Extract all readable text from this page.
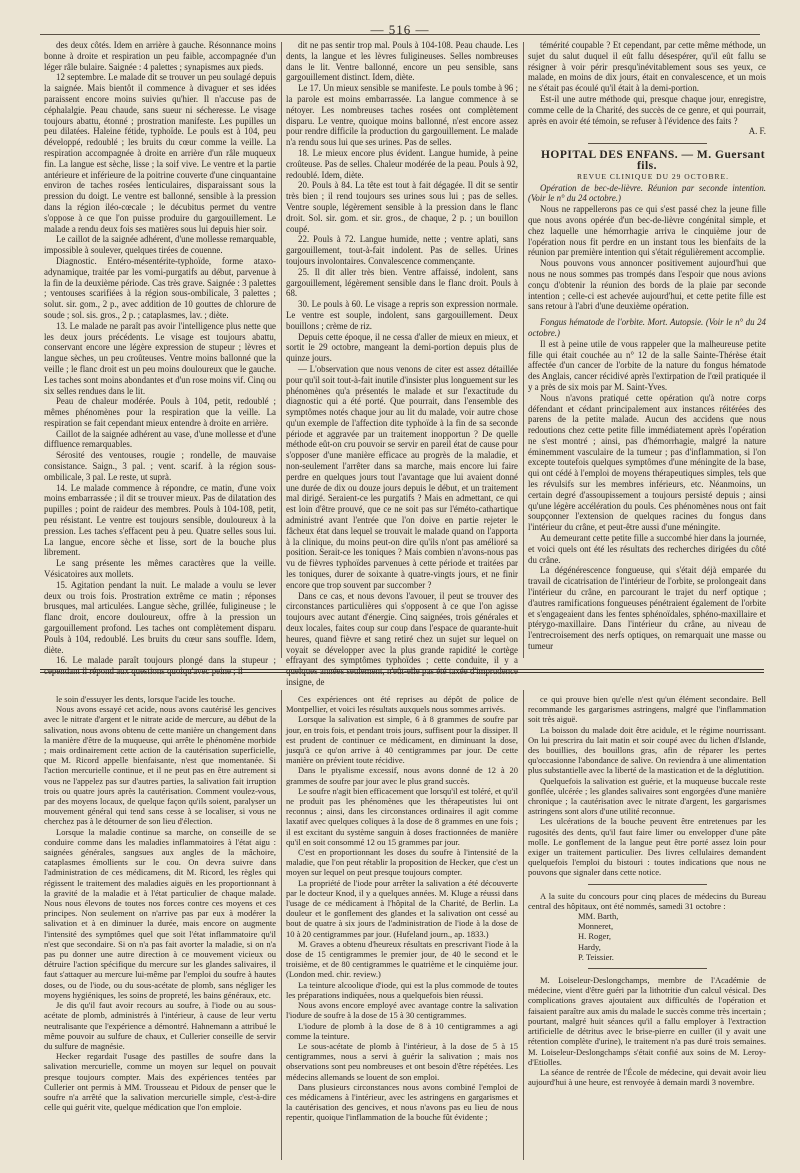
— 516 —

des deux côtés. Idem en arrière à gauche. Résonnance moins bonne à droite et respiration un peu faible, accompagnée d'un léger râle bulaire. Saignée : 4 palettes ; synapismes aux pieds.

12 septembre. Le malade dit se trouver un peu soulagé depuis la saignée. Mais bientôt il commence à divaguer et ses idées paraissent encore moins suivies qu'hier. Il n'accuse pas de céphalalgie. Peau chaude, sans sueur ni sécheresse. Le visage toujours abattu, étonné ; prostration manifeste. Les pupilles un peu dilatées. Haleine fétide, typhoïde. Le pouls est à 104, peu développé, redoublé ; les bruits du cœur comme la veille. La respiration accompagnée à droite en arrière d'un râle muqueux fin. La langue est sèche, lisse ; la soif vive. Le ventre et la partie antérieure et inférieure de la poitrine couverte d'une cinquantaine environ de taches rosées lenticulaires, disparaissant sous la pression du doigt. Le ventre est ballonné, sensible à la pression dans la région iléo-cœcale ; le décubitus permet du ventre s'oppose à ce que l'on puisse produire du gargouillement. Le malade a rendu deux fois ses matières sous lui depuis hier soir.

Le caillot de la saignée adhérent, d'une mollesse remarquable, impossible à soulever, quelques tirées de couenne.

Diagnostic. Entéro-mésentérite-typhoïde, forme ataxo-adynamique, traitée par les vomi-purgatifs au début, parvenue à la fin de la deuxième période. Cas très grave. Saignée : 3 palettes ; ventouses scarifiées à la région sous-ombilicale, 3 palettes ; solut. sir. gom., 2 p., avec addition de 10 gouttes de chlorure de soude ; sol. sis. gros., 2 p. ; cataplasmes, lav. ; diète.

13. Le malade ne paraît pas avoir l'intelligence plus nette que les deux jours précédents. Le visage est toujours abattu, conservant encore une légère expression de stupeur ; lèvres et langue sèches, un peu croûteuses. Ventre moins ballonné que la veille ; le flanc droit est un peu moins douloureux que le gauche. Les taches sont moins abondantes et d'un rose moins vif. Cinq ou six selles rendues dans le lit.

Peau de chaleur modérée. Pouls à 104, petit, redoublé ; mêmes phénomènes pour la respiration que la veille. La respiration se fait cependant mieux entendre à droite en arrière.

Caillot de la saignée adhérent au vase, d'une mollesse et d'une diffluence remarquables.

Sérosité des ventouses, rougie ; rondelle, de mauvaise consistance. Saign., 3 pal. ; vent. scarif. à la région sous-ombilicale, 3 pal. Le reste, ut suprà.

14. Le malade commence à répondre, ce matin, d'une voix moins embarrassée ; il dit se trouver mieux. Pas de dilatation des pupilles ; point de raideur des membres. Pouls à 104-108, petit, peu résistant. Le ventre est toujours sensible, douloureux à la pression. Les taches s'effacent peu à peu. Quatre selles sous lui. La langue, encore sèche et lisse, sort de la bouche plus librement.

Le sang présente les mêmes caractères que la veille. Vésicatoires aux mollets.

15. Agitation pendant la nuit. Le malade a voulu se lever deux ou trois fois. Prostration extrême ce matin ; réponses brusques, mal articulées. Langue sèche, grillée, fuligineuse ; le flanc droit, encore douloureux, offre à la pression un gargouillement profond. Les taches ont complètement disparu. Pouls à 104, redoublé. Les bruits du cœur sans souffle. Idem, diète.

16. Le malade paraît toujours plongé dans la stupeur ; cependant il répond aux questions quoiqu'avec peine ; il

dit ne pas sentir trop mal. Pouls à 104-108. Peau chaude. Les dents, la langue et les lèvres fuligineuses. Selles nombreuses dans le lit. Ventre ballonné, encore un peu sensible, sans gargouillement distinct. Idem, diète.

Le 17. Un mieux sensible se manifeste. Le pouls tombe à 96 ; la parole est moins embarrassée. La langue commence à se nétoyer. Les nombreuses taches rosées ont complètement disparu. Le ventre, quoique moins ballonné, n'est encore assez pour rendre difficile la production du gargouillement. Le malade n'a rendu sous lui que ses urines. Pas de selles.

18. Le mieux encore plus évident. Langue humide, à peine croûteuse. Pas de selles. Chaleur modérée de la peau. Pouls à 92, redoublé. Idem, diète.

20. Pouls à 84. La tête est tout à fait dégagée. Il dit se sentir très bien ; il rend toujours ses urines sous lui ; pas de selles. Ventre souple, légèrement sensible à la pression dans le flanc droit. Sol. sir. gom. et sir. gros., de chaque, 2 p. ; un bouillon coupé.

22. Pouls à 72. Langue humide, nette ; ventre aplati, sans gargouillement, tout-à-fait indolent. Pas de selles. Urines toujours involontaires. Convalescence commençante.

25. Il dit aller très bien. Ventre affaissé, indolent, sans gargouillement, légèrement sensible dans le flanc droit. Pouls à 68.

30. Le pouls à 60. Le visage a repris son expression normale. Le ventre est souple, indolent, sans gargouillement. Deux bouillons ; crème de riz.

Depuis cette époque, il ne cessa d'aller de mieux en mieux, et sortit le 29 octobre, mangeant la demi-portion depuis plus de quinze jours.

— L'observation que nous venons de citer est assez détaillée pour qu'il soit tout-à-fait inutile d'insister plus longuement sur les phénomènes qu'a présentés le malade et sur l'exactitude du diagnostic qui a été porté. Que pourrait, dans l'ensemble des symptômes notés chaque jour au lit du malade, voir autre chose qu'un exemple de l'affection dite typhoïde à la fin de sa seconde période et aggravée par un traitement inopportun ? De quelle méthode eût-on cru pouvoir se servir en pareil état de cause pour s'opposer d'une manière efficace au progrès de la maladie, et non-seulement l'arrêter dans sa marche, mais encore lui faire perdre en quelques jours tout l'avantage que lui avaient donné une durée de dix ou douze jours depuis le début, et un traitement mal dirigé. Seraient-ce les purgatifs ? Mais en admettant, ce qui est loin d'être prouvé, que ce ne soit pas sur l'éméto-cathartique administré avant l'entrée que l'on doive en partie rejeter le fâcheux état dans lequel se trouvait le malade quand on l'apporta à la clinique, du moins peut-on dire qu'ils n'ont pas amélioré sa position. Serait-ce les toniques ? Mais combien n'avons-nous pas vu de fièvres typhoïdes parvenues à cette période et traitées par les toniques, durer de soixante à quatre-vingts jours, et ne finir encore que trop souvent par succomber ?

Dans ce cas, et nous devons l'avouer, il peut se trouver des circonstances particulières qui s'opposent à ce que l'on agisse toujours avec autant d'énergie. Cinq saignées, trois générales et deux locales, faites coup sur coup dans l'espace de quarante-huit heures, quand fièvre et sang retiré chez un sujet sur lequel on voyait se développer avec la plus grande rapidité le cortège effrayant des symptômes typhoïdes ; cette conduite, il y a quelques années seulement, n'eût-elle pas été taxée d'imprudence insigne, de

témérité coupable ? Et cependant, par cette même méthode, un sujet du salut duquel il eût fallu désespérer, qu'il eût fallu se résigner à voir périr presqu'inévitablement sous ses yeux, ce malade, en moins de dix jours, était en convalescence, et un mois ne s'était pas écoulé qu'il était à la demi-portion.

Est-il une autre méthode qui, presque chaque jour, enregistre, comme celle de la Charité, des succès de ce genre, et qui pourrait, après en avoir été témoin, se refuser à l'évidence des faits ?

A. F.

HOPITAL DES ENFANS. — M. Guersant fils.

REVUE CLINIQUE DU 29 OCTOBRE.

Opération de bec-de-lièvre. Réunion par seconde intention. (Voir le n° du 24 octobre.)

Nous ne rappellerons pas ce qui s'est passé chez la jeune fille que nous avons opérée d'un bec-de-lièvre congénital simple, et chez laquelle une hémorrhagie arriva le cinquième jour de l'opération nous fit perdre en un instant tous les bienfaits de la réunion par première intention qui s'était régulièrement accomplie.

Nous pouvons vous annoncer positivement aujourd'hui que nous ne nous sommes pas trompés dans l'espoir que nous avions conçu d'obtenir la réunion des bords de la plaie par seconde intention ; celle-ci est achevée aujourd'hui, et cette petite fille est sans retour à l'abri d'une deuxième opération.

Fongus hématode de l'orbite. Mort. Autopsie. (Voir le n° du 24 octobre.)

Il est à peine utile de vous rappeler que la malheureuse petite fille qui était couchée au n° 12 de la salle Sainte-Thérèse était affectée d'un cancer de l'orbite de la nature du fongus hématode des Anglais, cancer récidivé après l'extirpation de l'œil pratiquée il y a près de six mois par M. Saint-Yves.

Nous n'avons pratiqué cette opération qu'à notre corps défendant et cédant principalement aux instances réitérées des parens de la petite malade. Aucun des accidens que nous redoutions chez cette petite fille immédiatement après l'opération ne s'est montré ; ainsi, pas d'hémorrhagie, malgré la nature éminemment vasculaire de la tumeur ; pas d'inflammation, si l'on excepte toutefois quelques symptômes d'une méningite de la base, qui ont cédé à l'emploi de moyens thérapeutiques simples, tels que les révulsifs sur les membres inférieurs, etc. Néanmoins, un certain degré d'assoupissement a toujours persisté depuis ; ainsi qu'une légère accélération du pouls. Ces phénomènes nous ont fait soupçonner l'extension de quelques racines du fongus dans l'intérieur du crâne, et peut-être aussi d'une méningite.

Au demeurant cette petite fille a succombé hier dans la journée, et voici quels ont été les résultats des recherches dirigées du côté du crâne.

La dégénérescence fongueuse, qui s'était déjà emparée du travail de cicatrisation de l'intérieur de l'orbite, se prolongeait dans l'intérieur du crâne, en parcourant le trajet du nerf optique ; d'autres ramifications fongueuses pénétraient également de l'orbite et s'engageaient dans les fentes sphénoïdales, sphéno-maxillaire et ptérygo-maxillaire. Dans l'intérieur du crâne, au niveau de l'entrecroisement des nerfs optiques, on remarquait une masse ou tumeur

le soin d'essuyer les dents, lorsque l'acide les touche.

Nous avons essayé cet acide, nous avons cautérisé les gencives avec le nitrate d'argent et le nitrate acide de mercure, au début de la salivation, nous avons obtenu de cette manière un changement dans la manière d'être de la muqueuse, qui arrête le phénomène morbide ; mais ordinairement cette action de la cautérisation superficielle, que M. Ricord appelle bienfaisante, n'est que momentanée. Si l'action mercurielle continue, et il ne peut pas en être autrement si vous ne l'appelez pas sur d'autres parties, la salivation fait irruption trois ou quatre jours après la cautérisation. Comment voulez-vous, par des moyens locaux, de quelque façon qu'ils soient, paralyser un mouvement général qui tend sans cesse à se localiser, si vous ne cherchez pas à le détourner de son lieu d'élection.

Lorsque la maladie continue sa marche, on conseille de se conduire comme dans les maladies inflammatoires à l'état aigu : saignées générales, sangsues aux angles de la mâchoire, cataplasmes émollients sur le cou. On devra suivre dans l'administration de ces médicamens, dit M. Ricord, les règles qui régissent le traitement des maladies aiguës en les proportionnant à la gravité de la maladie et à l'état particulier de chaque malade. Nous nous élevons de toutes nos forces contre ces moyens et ces principes. Non seulement on n'arrive pas par eux à modérer la salivation et à en diminuer la durée, mais encore on augmente l'intensité des symptômes quel que soit l'état inflammatoire qu'il n'est que secondaire. Si on n'a pas fait avorter la maladie, si on n'a pas pu donner une autre direction à ce mouvement vicieux ou détruire l'action spécifique du mercure sur les glandes salivaires, il faut s'attaquer au mercure lui-même par l'emploi du soufre à hautes doses, ou de l'iode, ou du sous-acétate de plomb, sans négliger les moyens hygiéniques, les soins de propreté, les bains généraux, etc.

Je dis qu'il faut avoir recours au soufre, à l'iode ou au sous-acétate de plomb, administrés à l'intérieur, à cause de leur vertu neutralisante que l'expérience a démontré. Hahnemann a attribué le même pouvoir au sulfure de chaux, et Cullerier conseille de servir du sulfure de magnésie.

Hecker regardait l'usage des pastilles de soufre dans la salivation mercurielle, comme un moyen sur lequel on pouvait presque toujours compter. Mais des expériences tentées par Cullerier ont permis à MM. Trousseau et Pidoux de penser que le soufre n'a arrêté que la salivation mercurielle simple, c'est-à-dire celle qui guérit vite, quelque médication que l'on emploie.

Ces expériences ont été reprises au dépôt de police de Montpellier, et voici les résultats auxquels nous sommes arrivés.

Lorsque la salivation est simple, 6 à 8 grammes de soufre par jour, en trois fois, et pendant trois jours, suffisent pour la dissiper. Il est prudent de continuer ce médicament, en diminuant la dose, jusqu'à ce qu'on arrive à 40 centigrammes par jour. De cette manière on prévient toute récidive.

Dans le ptyalisme excessif, nous avons donné de 12 à 20 grammes de soufre par jour avec le plus grand succès.

Le soufre n'agit bien efficacement que lorsqu'il est toléré, et qu'il ne produit pas les phénomènes que les thérapeutistes lui ont reconnus ; ainsi, dans les circonstances ordinaires il agit comme laxatif avec quelques coliques à la dose de 8 grammes en une fois ; il est excitant du système sanguin à doses fractionnées de manière qu'il en soit consommé 12 ou 15 grammes par jour.

C'est en proportionnant les doses du soufre à l'intensité de la maladie, que l'on peut rétablir la proposition de Hecker, que c'est un moyen sur lequel on peut presque toujours compter.

La propriété de l'iode pour arrêter la salivation a été découverte par le docteur Knod, il y a quelques années. M. Kluge a réussi dans l'usage de ce médicament à l'hôpital de la Charité, de Berlin. La douleur et le gonflement des glandes et la salivation ont cessé au bout de quatre à six jours de l'administration de l'iode à la dose de 10 à 20 centigrammes par jour. (Hufeland journ., ap. 1833.)

M. Graves a obtenu d'heureux résultats en prescrivant l'iode à la dose de 15 centigrammes le premier jour, de 40 le second et le troisième, et de 80 centigrammes le quatrième et le cinquième jour. (London med. chir. review.)

La teinture alcoolique d'iode, qui est la plus commode de toutes les préparations indiquées, nous a quelquefois bien réussi.

Nous avons encore employé avec avantage contre la salivation l'iodure de soufre à la dose de 15 à 30 centigrammes.

L'iodure de plomb à la dose de 8 à 10 centigrammes a agi comme la teinture.

Le sous-acétate de plomb à l'intérieur, à la dose de 5 à 15 centigrammes, nous a servi à guérir la salivation ; mais nos observations sont peu nombreuses et ont besoin d'être répétées. Les médecins allemands se louent de son emploi.

Dans plusieurs circonstances nous avons combiné l'emploi de ces médicamens à l'intérieur, avec les astringens en gargarismes et la cautérisation des gencives, et nous n'avons pas eu lieu de nous repentir, quoique l'inflammation de la bouche fût évidente ;

ce qui prouve bien qu'elle n'est qu'un élément secondaire. Bell recommande les gargarismes astringens, malgré que l'inflammation soit très aiguë.

La boisson du malade doit être acidule, et le régime nourrissant. On lui prescrira du lait matin et soir coupé avec du lichen d'Islande, des bouillies, des bouillons gras, afin de réparer les pertes qu'occasionne l'abondance de salive. On reviendra à une alimentation plus substantielle avec la liberté de la mastication et de la déglutition.

Quelquefois la salivation est guérie, et la muqueuse buccale reste gonflée, ulcérée ; les glandes salivaires sont engorgées d'une manière chronique ; la cautérisation avec le nitrate d'argent, les gargarismes astringens sont alors d'une utilité reconnue.

Les ulcérations de la bouche peuvent être entretenues par les rugosités des dents, qu'il faut faire limer ou envelopper d'une pâte molle. Le gonflement de la langue peut être porté assez loin pour exiger un traitement particulier. Des livres cellulaires demandent quelquefois l'emploi du bistouri : toutes indications que nous ne pouvons que signaler dans cette notice.

A la suite du concours pour cinq places de médecins du Bureau central des hôpitaux, ont été nommés, samedi 31 octobre :

MM. Barth,

Monneret,

H. Roger,

Hardy,

P. Teissier.

M. Loiseleur-Deslongchamps, membre de l'Académie de médecine, vient d'être guéri par la lithotritie d'un calcul vésical. Des complications graves ajoutaient aux difficultés de l'opération et faisaient paraître aux amis du malade le succès comme très incertain ; pourtant, malgré huit séances qu'il a fallu employer à l'extraction artificielle de détritus avec le brise-pierre en cuiller (il y avait une rétention complète d'urine), le traitement n'a pas duré trois semaines. M. Loiseleur-Deslongchamps s'était confié aux soins de M. Leroy-d'Etiolles.

La séance de rentrée de l'École de médecine, qui devait avoir lieu aujourd'hui à une heure, est renvoyée à demain mardi 3 novembre.
